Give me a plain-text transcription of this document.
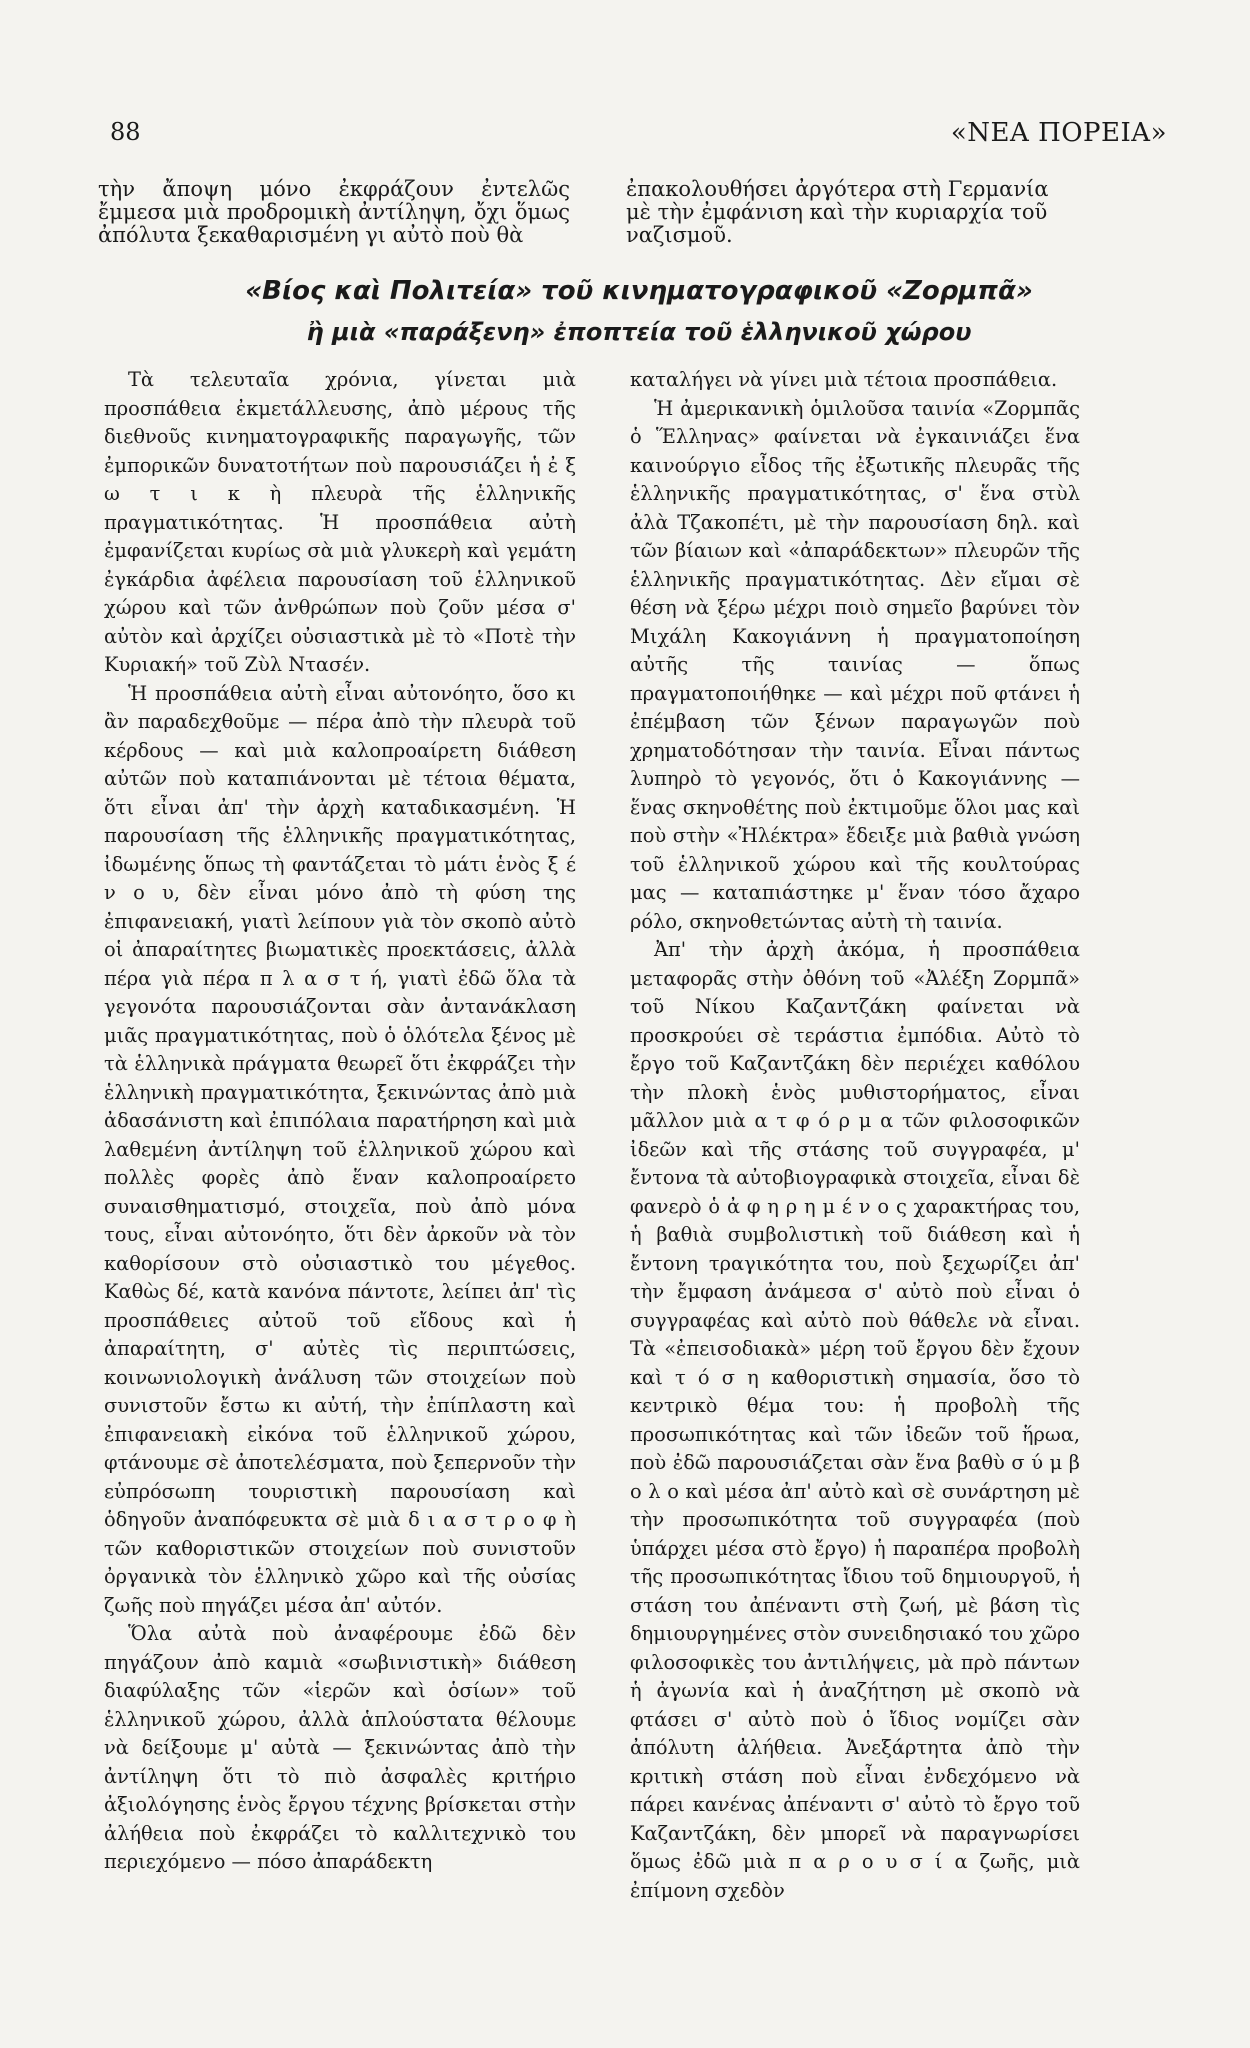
88	«ΝΕΑ ΠΟΡΕΙΑ»
τὴν ἄποψη μόνο ἐκφράζουν ἐντελῶς ἔμμεσα μιὰ προδρομικὴ ἀντίληψη, ὄχι ὅμως ἀπόλυτα ξεκαθαρισμένη γι αὐτὸ ποὺ θὰ
ἐπακολουθήσει ἀργότερα στὴ Γερμανία μὲ τὴν ἐμφάνιση καὶ τὴν κυριαρχία τοῦ ναζισμοῦ.
«Βίος καὶ Πολιτεία» τοῦ κινηματογραφικοῦ «Ζορμπᾶ»
ἢ μιὰ «παράξενη» ἐποπτεία τοῦ ἑλληνικοῦ χώρου

Τὰ τελευταῖα χρόνια, γίνεται μιὰ προσπάθεια ἐκμετάλλευσης, ἀπὸ μέρους τῆς διεθνοῦς κινηματογραφικῆς παραγωγῆς, τῶν ἐμπορικῶν δυνατοτήτων ποὺ παρουσιάζει ἡ ἐ ξ ω τ ι κ ὴ πλευρὰ τῆς ἑλληνικῆς πραγματικότητας. Ἡ προσπάθεια αὐτὴ ἐμφανίζεται κυρίως σὰ μιὰ γλυκερὴ καὶ γεμάτη ἐγκάρδια ἀφέλεια παρουσίαση τοῦ ἑλληνικοῦ χώρου καὶ τῶν ἀνθρώπων ποὺ ζοῦν μέσα σ' αὐτὸν καὶ ἀρχίζει οὐσιαστικὰ μὲ τὸ «Ποτὲ τὴν Κυριακή» τοῦ Ζὺλ Ντασέν.

Ἡ προσπάθεια αὐτὴ εἶναι αὐτονόητο, ὅσο κι ἂν παραδεχθοῦμε — πέρα ἀπὸ τὴν πλευρὰ τοῦ κέρδους — καὶ μιὰ καλοπροαίρετη διάθεση αὐτῶν ποὺ καταπιάνονται μὲ τέτοια θέματα, ὅτι εἶναι ἀπ' τὴν ἀρχὴ καταδικασμένη. Ἡ παρουσίαση τῆς ἑλληνικῆς πραγματικότητας, ἰδωμένης ὅπως τὴ φαντάζεται τὸ μάτι ἑνὸς ξ έ ν ο υ, δὲν εἶναι μόνο ἀπὸ τὴ φύση της ἐπιφανειακή, γιατὶ λείπουν γιὰ τὸν σκοπὸ αὐτὸ οἱ ἀπαραίτητες βιωματικὲς προεκτάσεις, ἀλλὰ πέρα γιὰ πέρα π λ α σ τ ή, γιατὶ ἐδῶ ὅλα τὰ γεγονότα παρουσιάζονται σὰν ἀντανάκλαση μιᾶς πραγματικότητας, ποὺ ὁ ὁλότελα ξένος μὲ τὰ ἑλληνικὰ πράγματα θεωρεῖ ὅτι ἐκφράζει τὴν ἑλληνικὴ πραγματικότητα, ξεκινώντας ἀπὸ μιὰ ἀδασάνιστη καὶ ἐπιπόλαια παρατήρηση καὶ μιὰ λαθεμένη ἀντίληψη τοῦ ἑλληνικοῦ χώρου καὶ πολλὲς φορὲς ἀπὸ ἕναν καλοπροαίρετο συναισθηματισμό, στοιχεῖα, ποὺ ἀπὸ μόνα τους, εἶναι αὐτονόητο, ὅτι δὲν ἀρκοῦν νὰ τὸν καθορίσουν στὸ οὐσιαστικὸ του μέγεθος. Καθὼς δέ, κατὰ κανόνα πάντοτε, λείπει ἀπ' τὶς προσπάθειες αὐτοῦ τοῦ εἴδους καὶ ἡ ἀπαραίτητη, σ' αὐτὲς τὶς περιπτώσεις, κοινωνιολογικὴ ἀνάλυση τῶν στοιχείων ποὺ συνιστοῦν ἔστω κι αὐτή, τὴν ἐπίπλαστη καὶ ἐπιφανειακὴ εἰκόνα τοῦ ἑλληνικοῦ χώρου, φτάνουμε σὲ ἀποτελέσματα, ποὺ ξεπερνοῦν τὴν εὐπρόσωπη τουριστικὴ παρουσίαση καὶ ὁδηγοῦν ἀναπόφευκτα σὲ μιὰ δ ι α σ τ ρ ο φ ὴ τῶν καθοριστικῶν στοιχείων ποὺ συνιστοῦν ὀργανικὰ τὸν ἑλληνικὸ χῶρο καὶ τῆς οὐσίας ζωῆς ποὺ πηγάζει μέσα ἀπ' αὐτόν.

Ὅλα αὐτὰ ποὺ ἀναφέρουμε ἐδῶ δὲν πηγάζουν ἀπὸ καμιὰ «σωβινιστικὴ» διάθεση διαφύλαξης τῶν «ἱερῶν καὶ ὁσίων» τοῦ ἑλληνικοῦ χώρου, ἀλλὰ ἁπλούστατα θέλουμε νὰ δείξουμε μ' αὐτὰ — ξεκινώντας ἀπὸ τὴν ἀντίληψη ὅτι τὸ πιὸ ἀσφαλὲς κριτήριο ἀξιολόγησης ἑνὸς ἔργου τέχνης βρίσκεται στὴν ἀλήθεια ποὺ ἐκφράζει τὸ καλλιτεχνικὸ του περιεχόμενο — πόσο ἀπαράδεκτη

καταλήγει νὰ γίνει μιὰ τέτοια προσπάθεια.

Ἡ ἀμερικανικὴ ὁμιλοῦσα ταινία «Ζορμπᾶς ὁ Ἕλληνας» φαίνεται νὰ ἐγκαινιάζει ἕνα καινούργιο εἶδος τῆς ἐξωτικῆς πλευρᾶς τῆς ἑλληνικῆς πραγματικότητας, σ' ἕνα στὺλ ἀλὰ Τζακοπέτι, μὲ τὴν παρουσίαση δηλ. καὶ τῶν βίαιων καὶ «ἀπαράδεκτων» πλευρῶν τῆς ἑλληνικῆς πραγματικότητας. Δὲν εἴμαι σὲ θέση νὰ ξέρω μέχρι ποιὸ σημεῖο βαρύνει τὸν Μιχάλη Κακογιάννη ἡ πραγματοποίηση αὐτῆς τῆς ταινίας — ὅπως πραγματοποιήθηκε — καὶ μέχρι ποῦ φτάνει ἡ ἐπέμβαση τῶν ξένων παραγωγῶν ποὺ χρηματοδότησαν τὴν ταινία. Εἶναι πάντως λυπηρὸ τὸ γεγονός, ὅτι ὁ Κακογιάννης — ἕνας σκηνοθέτης ποὺ ἐκτιμοῦμε ὅλοι μας καὶ ποὺ στὴν «Ἠλέκτρα» ἔδειξε μιὰ βαθιὰ γνώση τοῦ ἑλληνικοῦ χώρου καὶ τῆς κουλτούρας μας — καταπιάστηκε μ' ἕναν τόσο ἄχαρο ρόλο, σκηνοθετώντας αὐτὴ τὴ ταινία.

Ἀπ' τὴν ἀρχὴ ἀκόμα, ἡ προσπάθεια μεταφορᾶς στὴν ὀθόνη τοῦ «Ἀλέξη Ζορμπᾶ» τοῦ Νίκου Καζαντζάκη φαίνεται νὰ προσκρούει σὲ τεράστια ἐμπόδια. Αὐτὸ τὸ ἔργο τοῦ Καζαντζάκη δὲν περιέχει καθόλου τὴν πλοκὴ ἑνὸς μυθιστορήματος, εἶναι μᾶλλον μιὰ α τ φ ό ρ μ α τῶν φιλοσοφικῶν ἰδεῶν καὶ τῆς στάσης τοῦ συγγραφέα, μ' ἔντονα τὰ αὐτοβιογραφικὰ στοιχεῖα, εἶναι δὲ φανερὸ ὁ ἀ φ η ρ η μ έ ν ο ς χαρακτήρας του, ἡ βαθιὰ συμβολιστικὴ τοῦ διάθεση καὶ ἡ ἔντονη τραγικότητα του, ποὺ ξεχωρίζει ἀπ' τὴν ἔμφαση ἀνάμεσα σ' αὐτὸ ποὺ εἶναι ὁ συγγραφέας καὶ αὐτὸ ποὺ θάθελε νὰ εἶναι. Τὰ «ἐπεισοδιακὰ» μέρη τοῦ ἔργου δὲν ἔχουν καὶ τ ό σ η καθοριστικὴ σημασία, ὅσο τὸ κεντρικὸ θέμα του: ἡ προβολὴ τῆς προσωπικότητας καὶ τῶν ἰδεῶν τοῦ ἥρωα, ποὺ ἐδῶ παρουσιάζεται σὰν ἕνα βαθὺ σ ύ μ β ο λ ο καὶ μέσα ἀπ' αὐτὸ καὶ σὲ συνάρτηση μὲ τὴν προσωπικότητα τοῦ συγγραφέα (ποὺ ὑπάρχει μέσα στὸ ἔργο) ἡ παραπέρα προβολὴ τῆς προσωπικότητας ἴδιου τοῦ δημιουργοῦ, ἡ στάση του ἀπέναντι στὴ ζωή, μὲ βάση τὶς δημιουργημένες στὸν συνειδησιακό του χῶρο φιλοσοφικὲς του ἀντιλήψεις, μὰ πρὸ πάντων ἡ ἀγωνία καὶ ἡ ἀναζήτηση μὲ σκοπὸ νὰ φτάσει σ' αὐτὸ ποὺ ὁ ἴδιος νομίζει σὰν ἀπόλυτη ἀλήθεια. Ἀνεξάρτητα ἀπὸ τὴν κριτικὴ στάση ποὺ εἶναι ἐνδεχόμενο νὰ πάρει κανένας ἀπέναντι σ' αὐτὸ τὸ ἔργο τοῦ Καζαντζάκη, δὲν μπορεῖ νὰ παραγνωρίσει ὅμως ἐδῶ μιὰ π α ρ ο υ σ ί α ζωῆς, μιὰ ἐπίμονη σχεδὸν
